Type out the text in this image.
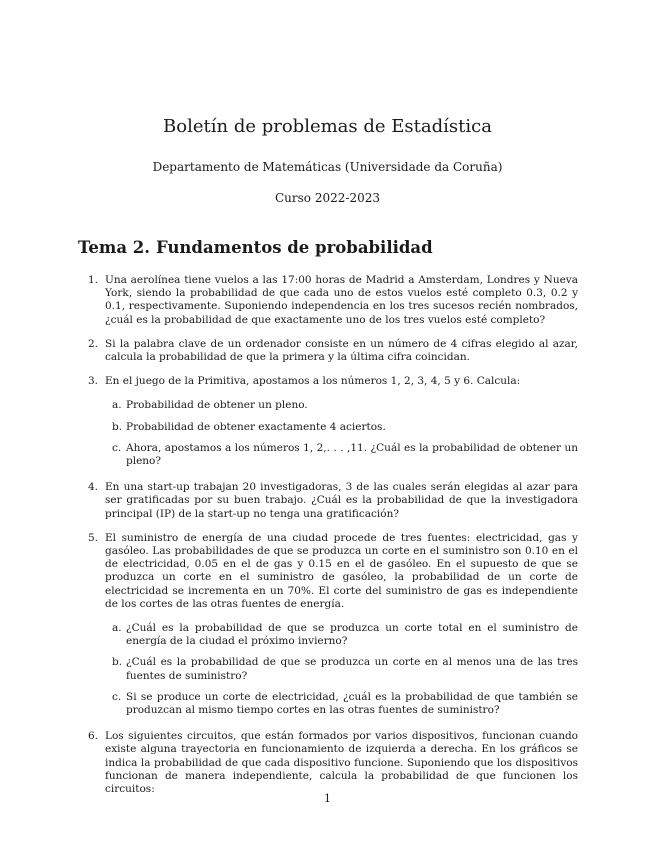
Boletín de problemas de Estadística
Departamento de Matemáticas (Universidade da Coruña)
Curso 2022-2023
Tema 2. Fundamentos de probabilidad
1. Una aerolínea tiene vuelos a las 17:00 horas de Madrid a Amsterdam, Londres y Nueva York, siendo la probabilidad de que cada uno de estos vuelos esté completo 0.3, 0.2 y 0.1, respectivamente. Suponiendo independencia en los tres sucesos recién nombrados, ¿cuál es la probabilidad de que exactamente uno de los tres vuelos esté completo?
2. Si la palabra clave de un ordenador consiste en un número de 4 cifras elegido al azar, calcula la probabilidad de que la primera y la última cifra coincidan.
3. En el juego de la Primitiva, apostamos a los números 1, 2, 3, 4, 5 y 6. Calcula:
a. Probabilidad de obtener un pleno.
b. Probabilidad de obtener exactamente 4 aciertos.
c. Ahora, apostamos a los números 1, 2,. . . ,11. ¿Cuál es la probabilidad de obtener un pleno?
4. En una start-up trabajan 20 investigadoras, 3 de las cuales serán elegidas al azar para ser gratificadas por su buen trabajo. ¿Cuál es la probabilidad de que la investigadora principal (IP) de la start-up no tenga una gratificación?
5. El suministro de energía de una ciudad procede de tres fuentes: electricidad, gas y gasóleo. Las probabilidades de que se produzca un corte en el suministro son 0.10 en el de electricidad, 0.05 en el de gas y 0.15 en el de gasóleo. En el supuesto de que se produzca un corte en el suministro de gasóleo, la probabilidad de un corte de electricidad se incrementa en un 70%. El corte del suministro de gas es independiente de los cortes de las otras fuentes de energía.
a. ¿Cuál es la probabilidad de que se produzca un corte total en el suministro de energía de la ciudad el próximo invierno?
b. ¿Cuál es la probabilidad de que se produzca un corte en al menos una de las tres fuentes de suministro?
c. Si se produce un corte de electricidad, ¿cuál es la probabilidad de que también se produzcan al mismo tiempo cortes en las otras fuentes de suministro?
6. Los siguientes circuitos, que están formados por varios dispositivos, funcionan cuando existe alguna trayectoria en funcionamiento de izquierda a derecha. En los gráficos se indica la probabilidad de que cada dispositivo funcione. Suponiendo que los dispositivos funcionan de manera independiente, calcula la probabilidad de que funcionen los circuitos:
1
